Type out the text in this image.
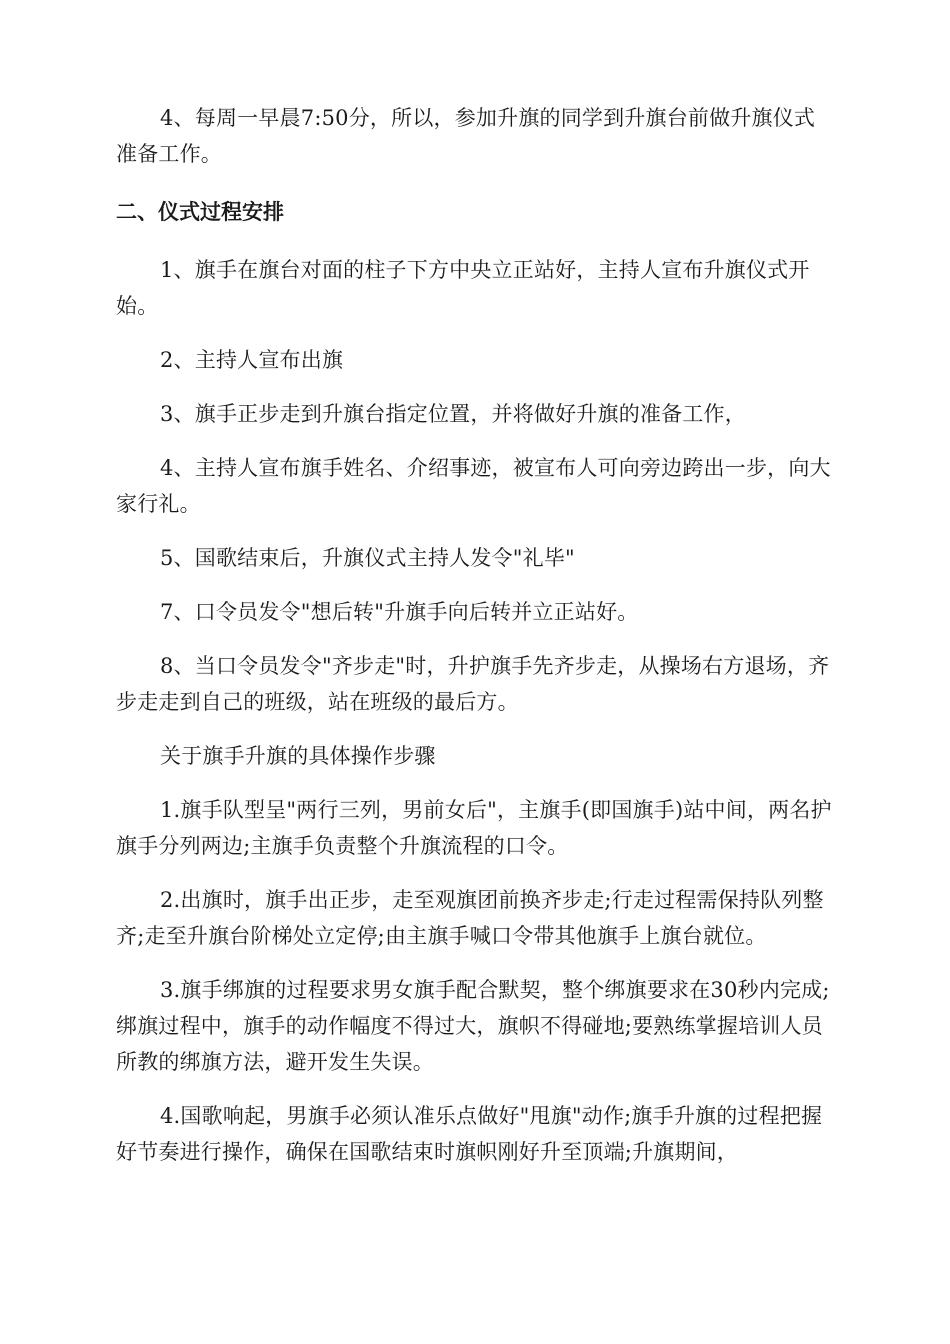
4、每周一早晨7:50分，所以，参加升旗的同学到升旗台前做升旗仪式准备工作。

二、仪式过程安排

1、旗手在旗台对面的柱子下方中央立正站好，主持人宣布升旗仪式开始。

2、主持人宣布出旗

3、旗手正步走到升旗台指定位置，并将做好升旗的准备工作，

4、主持人宣布旗手姓名、介绍事迹，被宣布人可向旁边跨出一步，向大家行礼。

5、国歌结束后，升旗仪式主持人发令"礼毕"

7、口令员发令"想后转"升旗手向后转并立正站好。

8、当口令员发令"齐步走"时，升护旗手先齐步走，从操场右方退场，齐步走走到自己的班级，站在班级的最后方。

关于旗手升旗的具体操作步骤

1.旗手队型呈"两行三列，男前女后"，主旗手(即国旗手)站中间，两名护旗手分列两边;主旗手负责整个升旗流程的口令。

2.出旗时，旗手出正步，走至观旗团前换齐步走;行走过程需保持队列整齐;走至升旗台阶梯处立定停;由主旗手喊口令带其他旗手上旗台就位。

3.旗手绑旗的过程要求男女旗手配合默契，整个绑旗要求在30秒内完成;绑旗过程中，旗手的动作幅度不得过大，旗帜不得碰地;要熟练掌握培训人员所教的绑旗方法，避开发生失误。

4.国歌响起，男旗手必须认准乐点做好"甩旗"动作;旗手升旗的过程把握好节奏进行操作，确保在国歌结束时旗帜刚好升至顶端;升旗期间，
